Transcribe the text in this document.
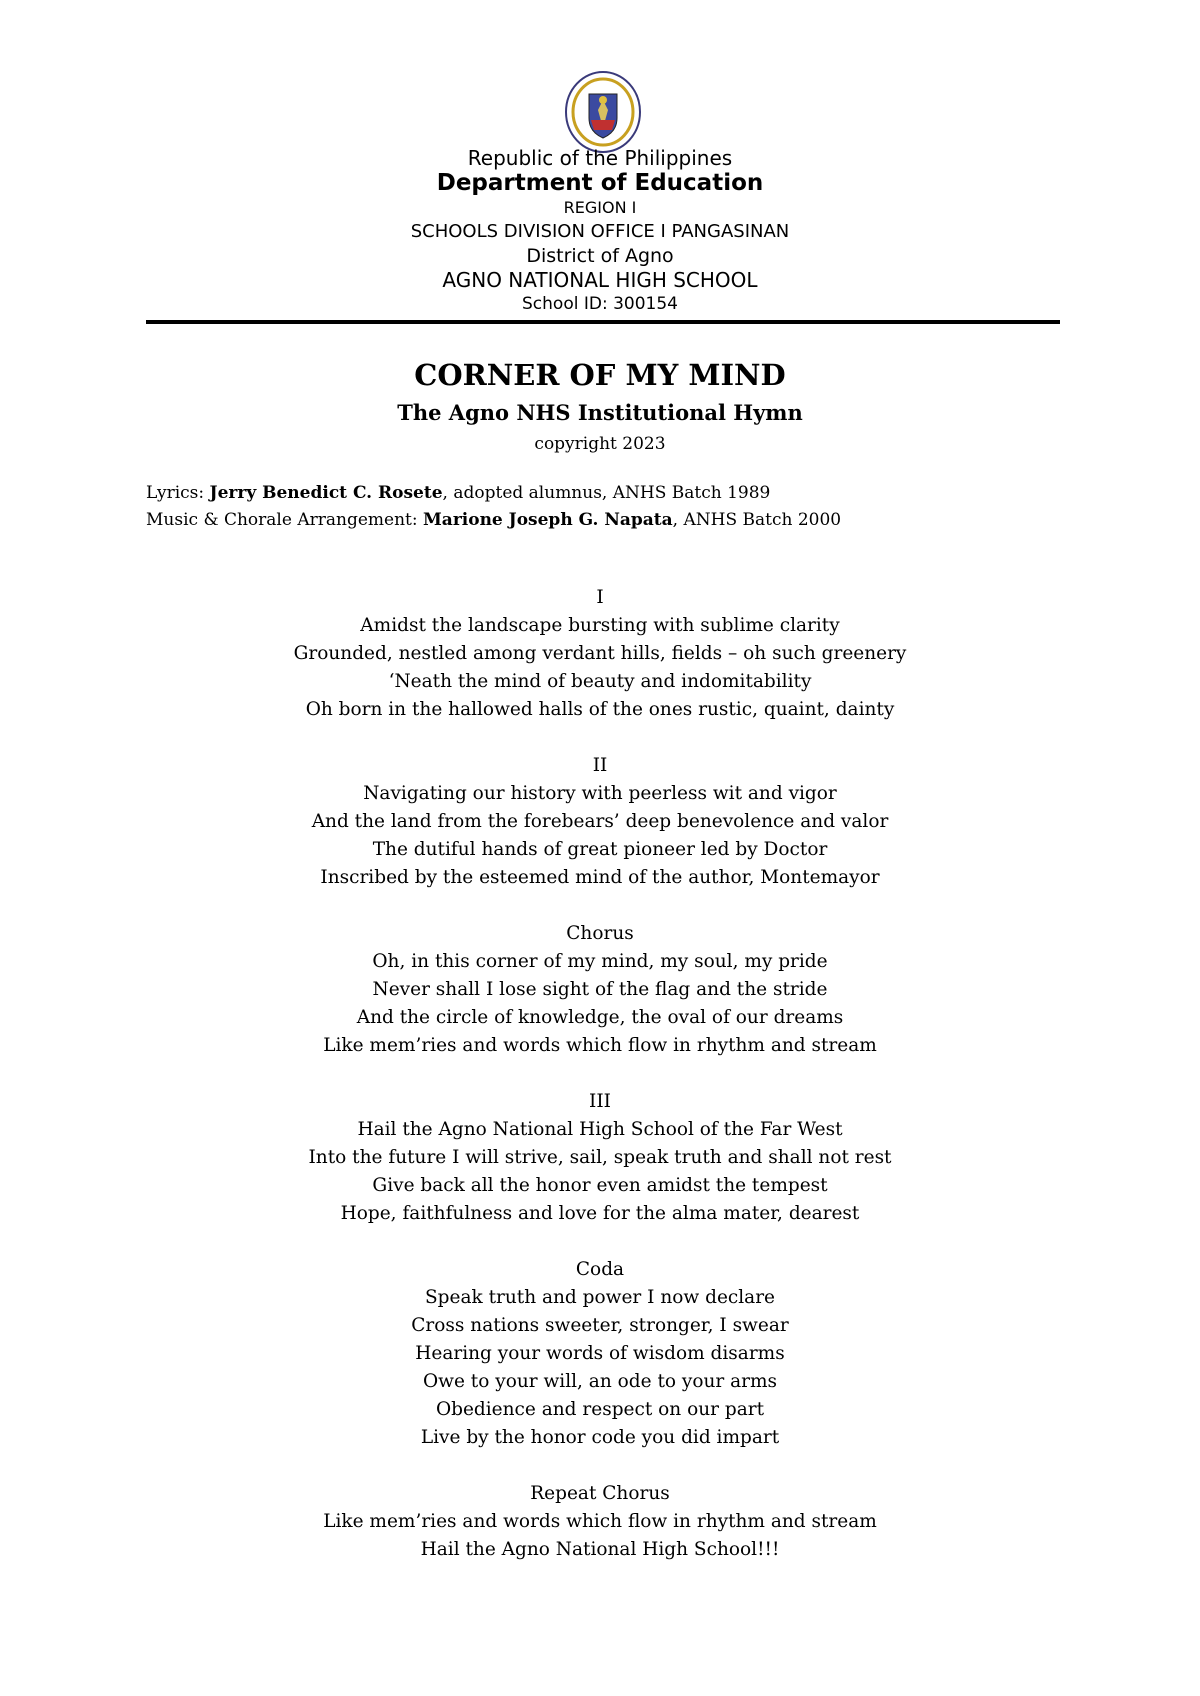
Republic of the Philippines
Department of Education
REGION I
SCHOOLS DIVISION OFFICE I PANGASINAN
District of Agno
AGNO NATIONAL HIGH SCHOOL
School ID: 300154
CORNER OF MY MIND
The Agno NHS Institutional Hymn
copyright 2023
Lyrics: Jerry Benedict C. Rosete, adopted alumnus, ANHS Batch 1989
Music & Chorale Arrangement: Marione Joseph G. Napata, ANHS Batch 2000
I
Amidst the landscape bursting with sublime clarity
Grounded, nestled among verdant hills, fields – oh such greenery
‘Neath the mind of beauty and indomitability
Oh born in the hallowed halls of the ones rustic, quaint, dainty
II
Navigating our history with peerless wit and vigor
And the land from the forebears’ deep benevolence and valor
The dutiful hands of great pioneer led by Doctor
Inscribed by the esteemed mind of the author, Montemayor
Chorus
Oh, in this corner of my mind, my soul, my pride
Never shall I lose sight of the flag and the stride
And the circle of knowledge, the oval of our dreams
Like mem’ries and words which flow in rhythm and stream
III
Hail the Agno National High School of the Far West
Into the future I will strive, sail, speak truth and shall not rest
Give back all the honor even amidst the tempest
Hope, faithfulness and love for the alma mater, dearest
Coda
Speak truth and power I now declare
Cross nations sweeter, stronger, I swear
Hearing your words of wisdom disarms
Owe to your will, an ode to your arms
Obedience and respect on our part
Live by the honor code you did impart
Repeat Chorus
Like mem’ries and words which flow in rhythm and stream
Hail the Agno National High School!!!
